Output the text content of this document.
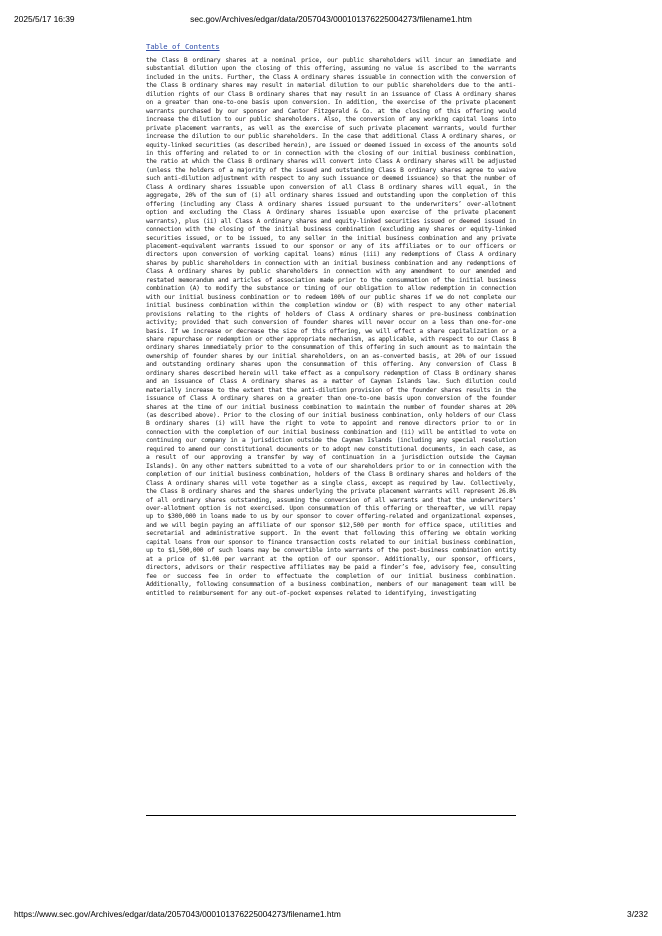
2025/5/17 16:39	sec.gov/Archives/edgar/data/2057043/000101376225004273/filename1.htm
Table of Contents

the Class B ordinary shares at a nominal price, our public shareholders will incur an immediate and substantial dilution upon the closing of this offering, assuming no value is ascribed to the warrants included in the units. Further, the Class A ordinary shares issuable in connection with the conversion of the Class B ordinary shares may result in material dilution to our public shareholders due to the anti-dilution rights of our Class B ordinary shares that may result in an issuance of Class A ordinary shares on a greater than one-to-one basis upon conversion. In addition, the exercise of the private placement warrants purchased by our sponsor and Cantor Fitzgerald & Co. at the closing of this offering would increase the dilution to our public shareholders. Also, the conversion of any working capital loans into private placement warrants, as well as the exercise of such private placement warrants, would further increase the dilution to our public shareholders. In the case that additional Class A ordinary shares, or equity-linked securities (as described herein), are issued or deemed issued in excess of the amounts sold in this offering and related to or in connection with the closing of our initial business combination, the ratio at which the Class B ordinary shares will convert into Class A ordinary shares will be adjusted (unless the holders of a majority of the issued and outstanding Class B ordinary shares agree to waive such anti-dilution adjustment with respect to any such issuance or deemed issuance) so that the number of Class A ordinary shares issuable upon conversion of all Class B ordinary shares will equal, in the aggregate, 20% of the sum of (i) all ordinary shares issued and outstanding upon the completion of this offering (including any Class A ordinary shares issued pursuant to the underwriters’ over-allotment option and excluding the Class A Ordinary shares issuable upon exercise of the private placement warrants), plus (ii) all Class A ordinary shares and equity-linked securities issued or deemed issued in connection with the closing of the initial business combination (excluding any shares or equity-linked securities issued, or to be issued, to any seller in the initial business combination and any private placement-equivalent warrants issued to our sponsor or any of its affiliates or to our officers or directors upon conversion of working capital loans) minus (iii) any redemptions of Class A ordinary shares by public shareholders in connection with an initial business combination and any redemptions of Class A ordinary shares by public shareholders in connection with any amendment to our amended and restated memorandum and articles of association made prior to the consummation of the initial business combination (A) to modify the substance or timing of our obligation to allow redemption in connection with our initial business combination or to redeem 100% of our public shares if we do not complete our initial business combination within the completion window or (B) with respect to any other material provisions relating to the rights of holders of Class A ordinary shares or pre-business combination activity; provided that such conversion of founder shares will never occur on a less than one-for-one basis. If we increase or decrease the size of this offering, we will effect a share capitalization or a share repurchase or redemption or other appropriate mechanism, as applicable, with respect to our Class B ordinary shares immediately prior to the consummation of this offering in such amount as to maintain the ownership of founder shares by our initial shareholders, on an as-converted basis, at 20% of our issued and outstanding ordinary shares upon the consummation of this offering. Any conversion of Class B ordinary shares described herein will take effect as a compulsory redemption of Class B ordinary shares and an issuance of Class A ordinary shares as a matter of Cayman Islands law. Such dilution could materially increase to the extent that the anti-dilution provision of the founder shares results in the issuance of Class A ordinary shares on a greater than one-to-one basis upon conversion of the founder shares at the time of our initial business combination to maintain the number of founder shares at 20% (as described above). Prior to the closing of our initial business combination, only holders of our Class B ordinary shares (i) will have the right to vote to appoint and remove directors prior to or in connection with the completion of our initial business combination and (ii) will be entitled to vote on continuing our company in a jurisdiction outside the Cayman Islands (including any special resolution required to amend our constitutional documents or to adopt new constitutional documents, in each case, as a result of our approving a transfer by way of continuation in a jurisdiction outside the Cayman Islands). On any other matters submitted to a vote of our shareholders prior to or in connection with the completion of our initial business combination, holders of the Class B ordinary shares and holders of the Class A ordinary shares will vote together as a single class, except as required by law. Collectively, the Class B ordinary shares and the shares underlying the private placement warrants will represent 26.8% of all ordinary shares outstanding, assuming the conversion of all warrants and that the underwriters’ over-allotment option is not exercised. Upon consummation of this offering or thereafter, we will repay up to $300,000 in loans made to us by our sponsor to cover offering-related and organizational expenses, and we will begin paying an affiliate of our sponsor $12,500 per month for office space, utilities and secretarial and administrative support. In the event that following this offering we obtain working capital loans from our sponsor to finance transaction costs related to our initial business combination, up to $1,500,000 of such loans may be convertible into warrants of the post-business combination entity at a price of $1.00 per warrant at the option of our sponsor. Additionally, our sponsor, officers, directors, advisors or their respective affiliates may be paid a finder’s fee, advisory fee, consulting fee or success fee in order to effectuate the completion of our initial business combination. Additionally, following consummation of a business combination, members of our management team will be entitled to reimbursement for any out-of-pocket expenses related to identifying, investigating

https://www.sec.gov/Archives/edgar/data/2057043/000101376225004273/filename1.htm	3/232
